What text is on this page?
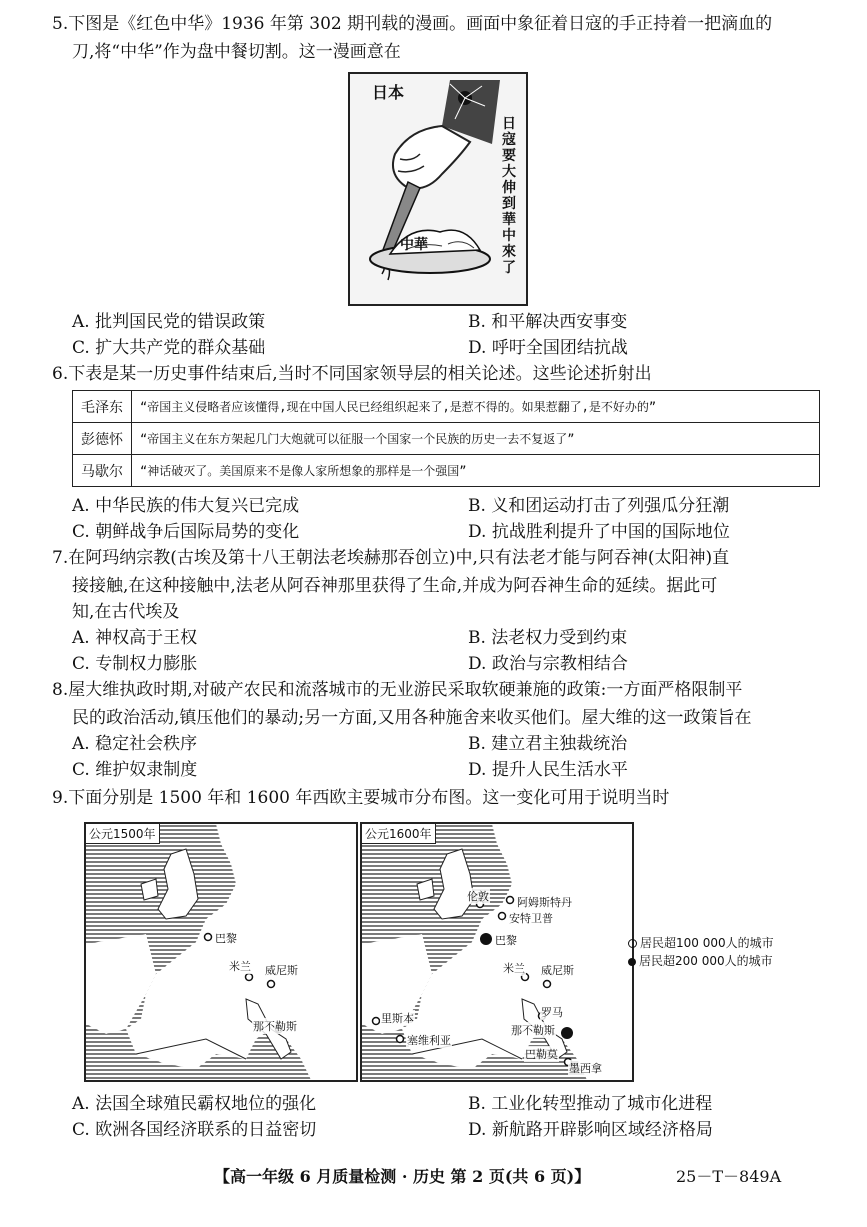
5.下图是《红色中华》1936 年第 302 期刊载的漫画。画面中象征着日寇的手正持着一把滴血的
刀,将“中华”作为盘中餐切割。这一漫画意在
日本
中華
日寇要大伸到華中來了
A. 批判国民党的错误政策	B. 和平解决西安事变
C. 扩大共产党的群众基础	D. 呼吁全国团结抗战
6.下表是某一历史事件结束后,当时不同国家领导层的相关论述。这些论述折射出
毛泽东	“帝国主义侵略者应该懂得,现在中国人民已经组织起来了,是惹不得的。如果惹翻了,是不好办的”
彭德怀	“帝国主义在东方架起几门大炮就可以征服一个国家一个民族的历史一去不复返了”
马歇尔	“神话破灭了。美国原来不是像人家所想象的那样是一个强国”
A. 中华民族的伟大复兴已完成	B. 义和团运动打击了列强瓜分狂潮
C. 朝鲜战争后国际局势的变化	D. 抗战胜利提升了中国的国际地位
7.在阿玛纳宗教(古埃及第十八王朝法老埃赫那吞创立)中,只有法老才能与阿吞神(太阳神)直
接接触,在这种接触中,法老从阿吞神那里获得了生命,并成为阿吞神生命的延续。据此可
知,在古代埃及
A. 神权高于王权	B. 法老权力受到约束
C. 专制权力膨胀	D. 政治与宗教相结合
8.屋大维执政时期,对破产农民和流落城市的无业游民采取软硬兼施的政策:一方面严格限制平
民的政治活动,镇压他们的暴动;另一方面,又用各种施舍来收买他们。屋大维的这一政策旨在
A. 稳定社会秩序	B. 建立君主独裁统治
C. 维护奴隶制度	D. 提升人民生活水平
9.下面分别是 1500 年和 1600 年西欧主要城市分布图。这一变化可用于说明当时
公元1500年
巴黎
米兰 威尼斯
那不勒斯
公元1600年
伦敦	阿姆斯特丹
安特卫普
巴黎
米兰 威尼斯
罗马
里斯本
塞维利亚
那不勒斯
巴勒莫
墨西拿
居民超100 000人的城市
居民超200 000人的城市
A. 法国全球殖民霸权地位的强化	B. 工业化转型推动了城市化进程
C. 欧洲各国经济联系的日益密切	D. 新航路开辟影响区域经济格局
【高一年级 6 月质量检测 · 历史 第 2 页(共 6 页)】	25－T－849A
